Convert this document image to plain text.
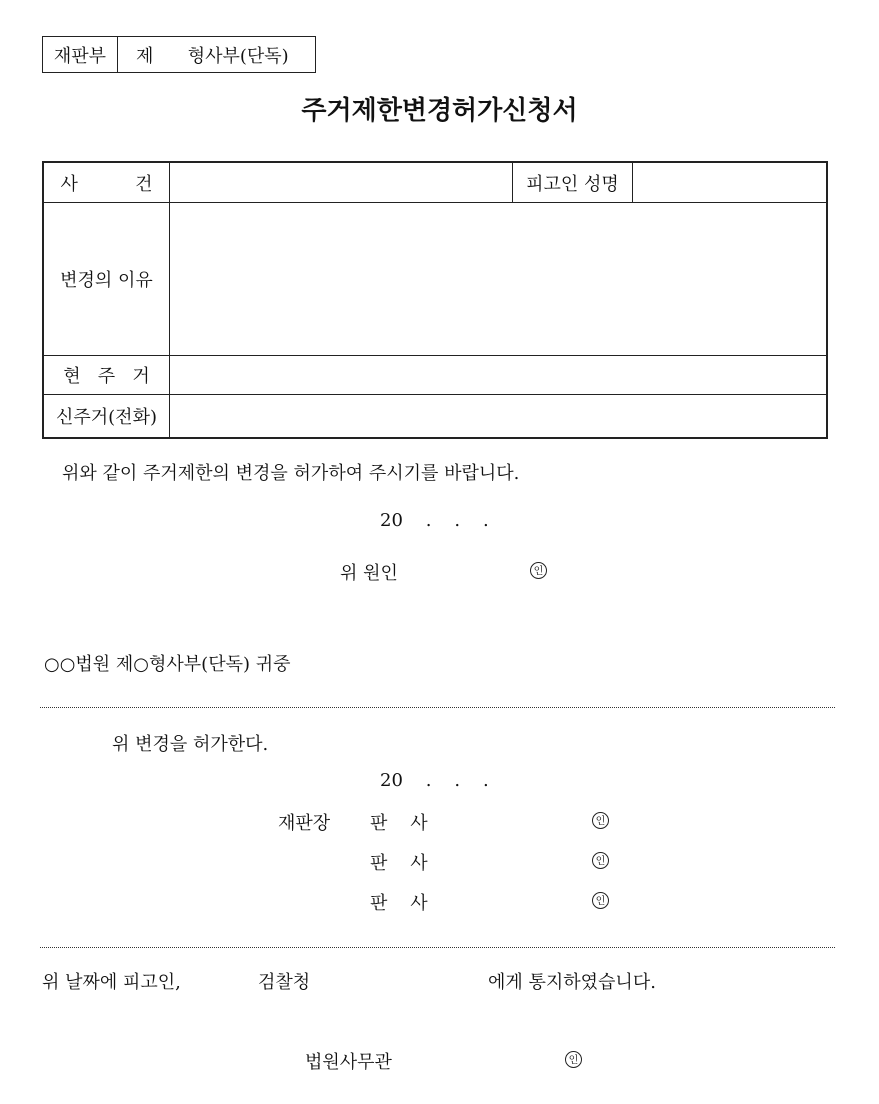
재판부	제      형사부(단독)
주거제한변경허가신청서
사          건	피고인 성명
변경의 이유
현   주   거
신주거(전화)
위와 같이 주거제한의 변경을 허가하여 주시기를 바랍니다.
20    .    .    .
위 원인	인
○○법원 제○형사부(단독) 귀중
위 변경을 허가한다.
20    .    .    .
재판장 판    사	인
판    사	인
판    사	인
위 날짜에 피고인,	검찰청	에게 통지하였습니다.
법원사무관	인
